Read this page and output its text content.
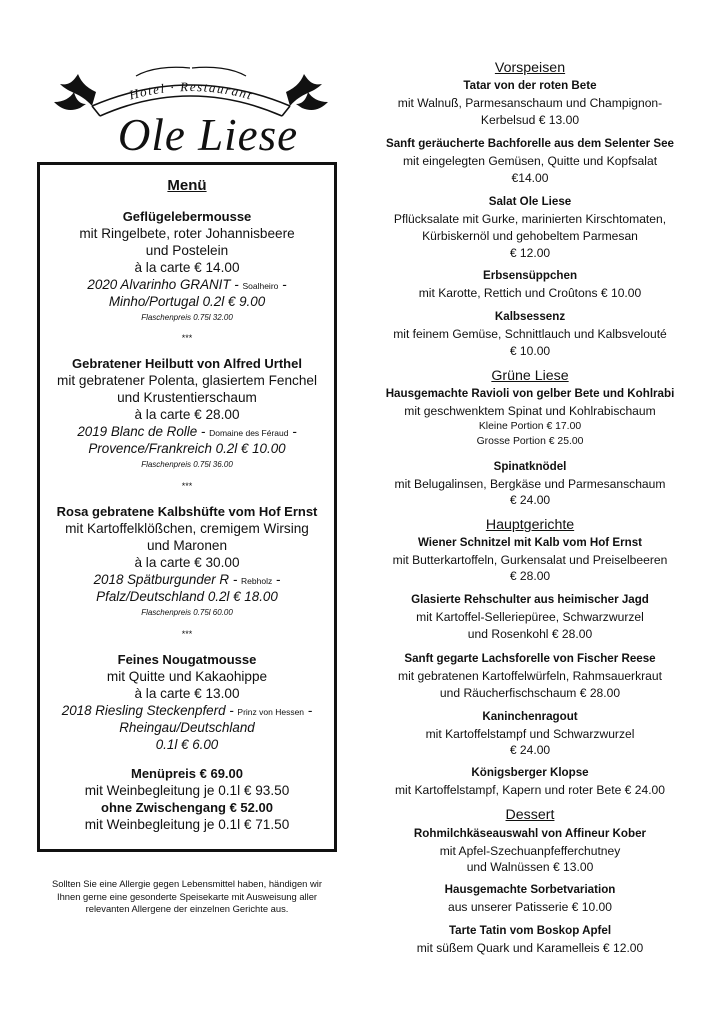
Hotel · Restaurant
Ole Liese
Menü
Geflügelebermousse
mit Ringelbete, roter Johannisbeere
und Postelein
à la carte € 14.00
2020 Alvarinho GRANIT - Soalheiro -
Minho/Portugal 0.2l € 9.00
Flaschenpreis 0.75l 32.00
***
Gebratener Heilbutt von Alfred Urthel
mit gebratener Polenta, glasiertem Fenchel
und Krustentierschaum
à la carte € 28.00
2019 Blanc de Rolle - Domaine des Féraud -
Provence/Frankreich 0.2l € 10.00
Flaschenpreis 0.75l 36.00
***
Rosa gebratene Kalbshüfte vom Hof Ernst
mit Kartoffelklößchen, cremigem Wirsing
und Maronen
à la carte € 30.00
2018 Spätburgunder R - Rebholz -
Pfalz/Deutschland 0.2l € 18.00
Flaschenpreis 0.75l 60.00
***
Feines Nougatmousse
mit Quitte und Kakaohippe
à la carte € 13.00
2018 Riesling Steckenpferd - Prinz von Hessen -
Rheingau/Deutschland
0.1l € 6.00
Menüpreis € 69.00
mit Weinbegleitung je 0.1l € 93.50
ohne Zwischengang € 52.00
mit Weinbegleitung je 0.1l € 71.50
Sollten Sie eine Allergie gegen Lebensmittel haben, händigen wir Ihnen gerne eine gesonderte Speisekarte mit Ausweisung aller relevanten Allergene der einzelnen Gerichte aus.
Vorspeisen
Tatar von der roten Bete
mit Walnuß, Parmesanschaum und Champignon-
Kerbelsud € 13.00
Sanft geräucherte Bachforelle aus dem Selenter See
mit eingelegten Gemüsen, Quitte und Kopfsalat
€14.00
Salat Ole Liese
Pflücksalate mit Gurke, marinierten Kirschtomaten,
Kürbiskernöl und gehobeltem Parmesan
€ 12.00
Erbsensüppchen
mit Karotte, Rettich und Croûtons € 10.00
Kalbsessenz
mit feinem Gemüse, Schnittlauch und Kalbsvelouté
€ 10.00
Grüne Liese
Hausgemachte Ravioli von gelber Bete und Kohlrabi
mit geschwenktem Spinat und Kohlrabischaum
Kleine Portion € 17.00
Grosse Portion € 25.00
Spinatknödel
mit Belugalinsen, Bergkäse und Parmesanschaum
€ 24.00
Hauptgerichte
Wiener Schnitzel mit Kalb vom Hof Ernst
mit Butterkartoffeln, Gurkensalat und Preiselbeeren
€ 28.00
Glasierte Rehschulter aus heimischer Jagd
mit Kartoffel-Selleriepüree, Schwarzwurzel
und Rosenkohl € 28.00
Sanft gegarte Lachsforelle von Fischer Reese
mit gebratenen Kartoffelwürfeln, Rahmsauerkraut
und Räucherfischschaum € 28.00
Kaninchenragout
mit Kartoffelstampf und Schwarzwurzel
€ 24.00
Königsberger Klopse
mit Kartoffelstampf, Kapern und roter Bete € 24.00
Dessert
Rohmilchkäseauswahl von Affineur Kober
mit Apfel-Szechuanpfefferchutney
und Walnüssen € 13.00
Hausgemachte Sorbetvariation
aus unserer Patisserie € 10.00
Tarte Tatin vom Boskop Apfel
mit süßem Quark und Karamelleis € 12.00
